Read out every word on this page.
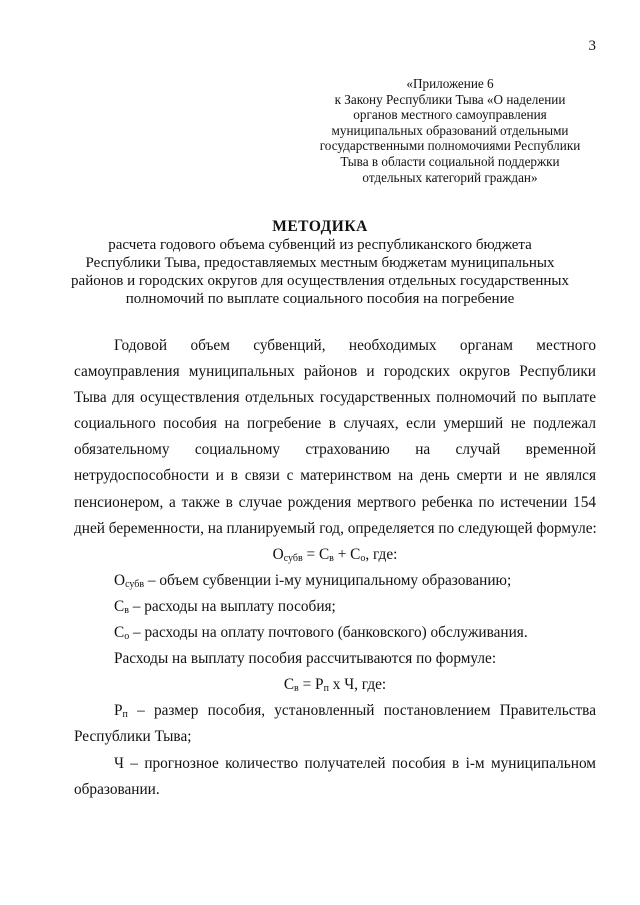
3
«Приложение 6
к Закону Республики Тыва «О наделении
органов местного самоуправления
муниципальных образований отдельными
государственными полномочиями Республики
Тыва в области социальной поддержки
отдельных категорий граждан»
МЕТОДИКА
расчета годового объема субвенций из республиканского бюджета
Республики Тыва, предоставляемых местным бюджетам муниципальных
районов и городских округов для осуществления отдельных государственных
полномочий по выплате социального пособия на погребение
Годовой объем субвенций, необходимых органам местного
самоуправления муниципальных районов и городских округов Республики
Тыва для осуществления отдельных государственных полномочий по выплате
социального пособия на погребение в случаях, если умерший не подлежал
обязательному социальному страхованию на случай временной
нетрудоспособности и в связи с материнством на день смерти и не являлся
пенсионером, а также в случае рождения мертвого ребенка по истечении 154
дней беременности, на планируемый год, определяется по следующей формуле:
$О_{субв} = С_в + С_о$, где:
$О_{субв}$ – объем субвенции i-му муниципальному образованию;
$С_в$ – расходы на выплату пособия;
$С_о$ – расходы на оплату почтового (банковского) обслуживания.
Расходы на выплату пособия рассчитываются по формуле:
$С_в = Р_п$ х Ч, где:
$Р_п$ – размер пособия, установленный постановлением Правительства
Республики Тыва;
Ч – прогнозное количество получателей пособия в i-м муниципальном
образовании.
